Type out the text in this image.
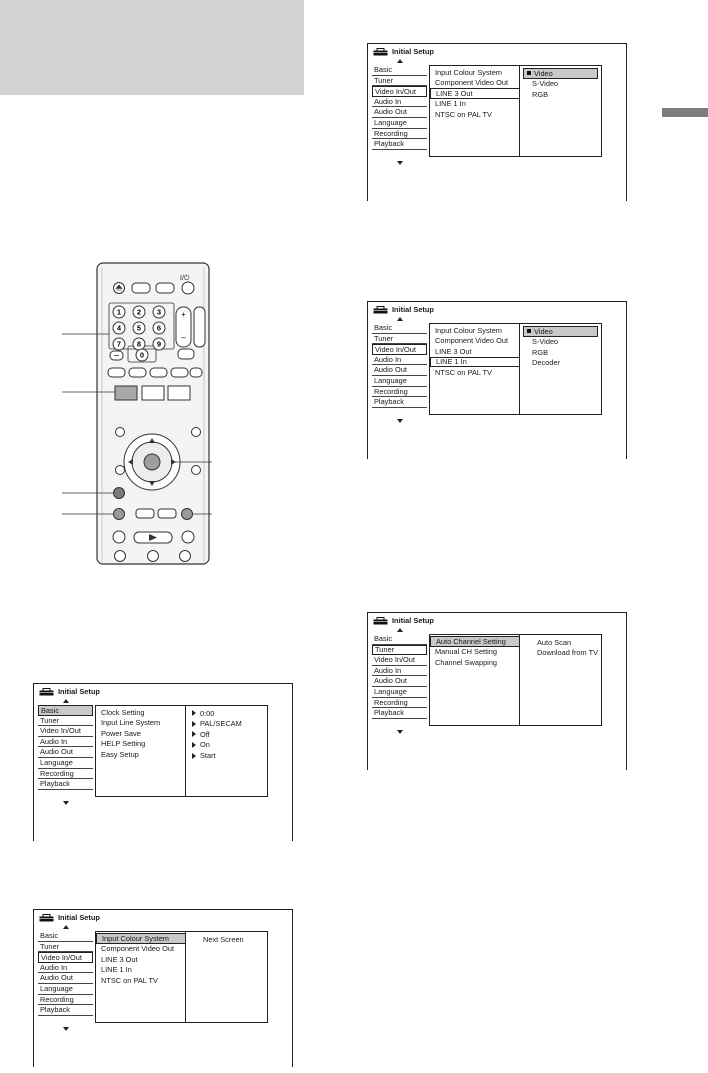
I/⏻
1 2 3
4 5 6
7 8 9
0
+
–
Initial Setup
Basic
Tuner
Video In/Out
Audio In
Audio Out
Language
Recording
Playback
Clock Setting
Input Line System
Power Save
HELP Setting
Easy Setup
0:00
PAL/SECAM
Off
On
Start
Initial Setup
Basic
Tuner
Video In/Out
Audio In
Audio Out
Language
Recording
Playback
Input Colour System
Component Video Out
LINE 3 Out
LINE 1 In
NTSC on PAL TV
Next Screen
Initial Setup
Basic
Tuner
Video In/Out
Audio In
Audio Out
Language
Recording
Playback
Input Colour System
Component Video Out
LINE 3 Out
LINE 1 In
NTSC on PAL TV
Video
S-Video
RGB
Initial Setup
Basic
Tuner
Video In/Out
Audio In
Audio Out
Language
Recording
Playback
Input Colour System
Component Video Out
LINE 3 Out
LINE 1 In
NTSC on PAL TV
Video
S-Video
RGB
Decoder
Initial Setup
Basic
Tuner
Video In/Out
Audio In
Audio Out
Language
Recording
Playback
Auto Channel Setting
Manual CH Setting
Channel Swapping
Auto Scan
Download from TV
